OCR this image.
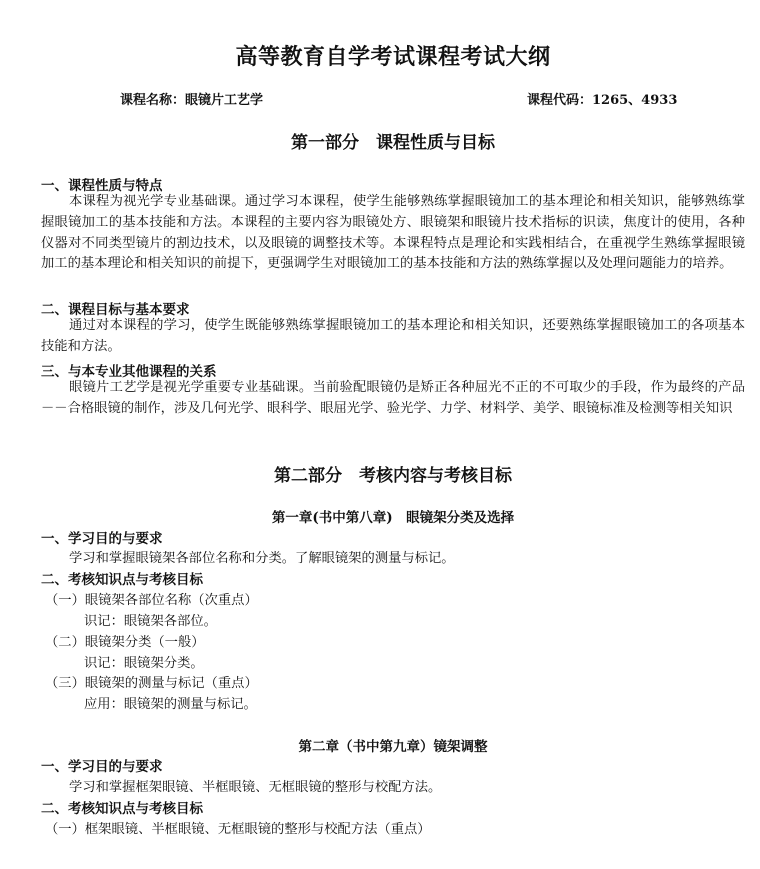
高等教育自学考试课程考试大纲
课程名称：眼镜片工艺学	课程代码：1265、4933
第一部分　课程性质与目标
一、课程性质与特点

本课程为视光学专业基础课。通过学习本课程，使学生能够熟练掌握眼镜加工的基本理论和相关知识，能够熟练掌握眼镜加工的基本技能和方法。本课程的主要内容为眼镜处方、眼镜架和眼镜片技术指标的识读，焦度计的使用，各种仪器对不同类型镜片的割边技术，以及眼镜的调整技术等。本课程特点是理论和实践相结合，在重视学生熟练掌握眼镜加工的基本理论和相关知识的前提下，更强调学生对眼镜加工的基本技能和方法的熟练掌握以及处理问题能力的培养。

二、课程目标与基本要求

通过对本课程的学习，使学生既能够熟练掌握眼镜加工的基本理论和相关知识，还要熟练掌握眼镜加工的各项基本技能和方法。

三、与本专业其他课程的关系

眼镜片工艺学是视光学重要专业基础课。当前验配眼镜仍是矫正各种屈光不正的不可取少的手段，作为最终的产品－－合格眼镜的制作，涉及几何光学、眼科学、眼屈光学、验光学、力学、材料学、美学、眼镜标准及检测等相关知识

第二部分　考核内容与考核目标
第一章(书中第八章)　眼镜架分类及选择
一、学习目的与要求
学习和掌握眼镜架各部位名称和分类。了解眼镜架的测量与标记。
二、考核知识点与考核目标
（一）眼镜架各部位名称（次重点）
识记：眼镜架各部位。
（二）眼镜架分类（一般）
识记：眼镜架分类。
（三）眼镜架的测量与标记（重点）
应用：眼镜架的测量与标记。
第二章（书中第九章）镜架调整
一、学习目的与要求
学习和掌握框架眼镜、半框眼镜、无框眼镜的整形与校配方法。
二、考核知识点与考核目标
（一）框架眼镜、半框眼镜、无框眼镜的整形与校配方法（重点）
